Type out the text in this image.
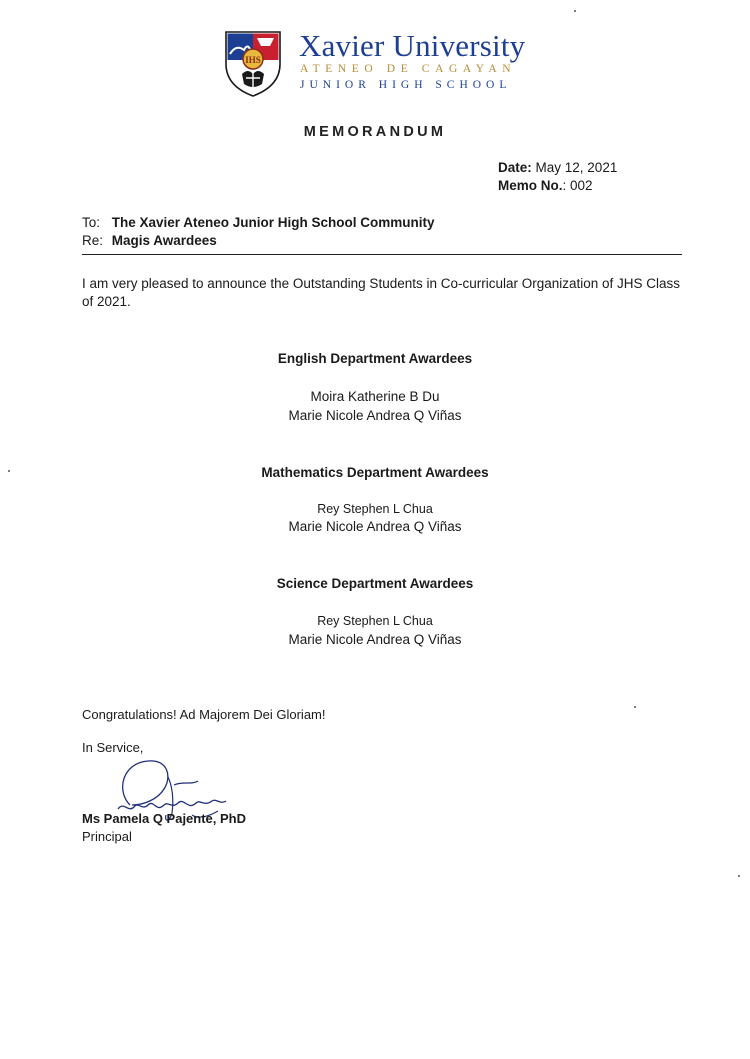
IHS Xavier University
ATENEO DE CAGAYAN
JUNIOR HIGH SCHOOL
MEMORANDUM
Date: May 12, 2021
Memo No.: 002
To: The Xavier Ateneo Junior High School Community
Re: Magis Awardees
I am very pleased to announce the Outstanding Students in Co-curricular Organization of JHS Class of 2021.
English Department Awardees
Moira Katherine B Du
Marie Nicole Andrea Q Viñas
Mathematics Department Awardees
Rey Stephen L Chua
Marie Nicole Andrea Q Viñas
Science Department Awardees
Rey Stephen L Chua
Marie Nicole Andrea Q Viñas
Congratulations! Ad Majorem Dei Gloriam!
In Service,
Ms Pamela Q Pajente, PhD
Principal
